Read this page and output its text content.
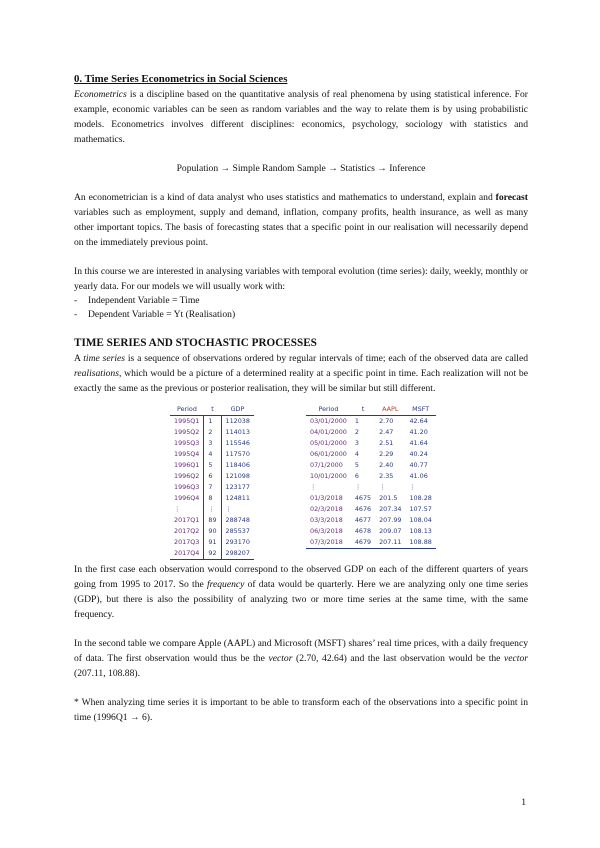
0. Time Series Econometrics in Social Sciences

Econometrics is a discipline based on the quantitative analysis of real phenomena by using statistical inference. For example, economic variables can be seen as random variables and the way to relate them is by using probabilistic models. Econometrics involves different disciplines: economics, psychology, sociology with statistics and mathematics.

Population → Simple Random Sample → Statistics → Inference

An econometrician is a kind of data analyst who uses statistics and mathematics to understand, explain and forecast variables such as employment, supply and demand, inflation, company profits, health insurance, as well as many other important topics. The basis of forecasting states that a specific point in our realisation will necessarily depend on the immediately previous point.

In this course we are interested in analysing variables with temporal evolution (time series): daily, weekly, monthly or yearly data. For our models we will usually work with:

- Independent Variable = Time
- Dependent Variable = Yt (Realisation)
TIME SERIES AND STOCHASTIC PROCESSES

A time series is a sequence of observations ordered by regular intervals of time; each of the observed data are called realisations, which would be a picture of a determined reality at a specific point in time. Each realization will not be exactly the same as the previous or posterior realisation, they will be similar but still different.

Period	t	GDP
1995Q1	1	112038
1995Q2	2	114013
1995Q3	3	115546
1995Q4	4	117570
1996Q1	5	118406
1996Q2	6	121098
1996Q3	7	123177
1996Q4	8	124811
⋮	⋮	⋮
2017Q1	89	288748
2017Q2	90	285537
2017Q3	91	293170
2017Q4	92	298207
Period	t	AAPL	MSFT
03/01/2000	1	2.70	42.64
04/01/2000	2	2.47	41.20
05/01/2000	3	2.51	41.64
06/01/2000	4	2.29	40.24
07/1/2000	5	2.40	40.77
10/01/2000	6	2.35	41.06
⋮	⋮	⋮	⋮
01/3/2018	4675	201.5	108.28
02/3/2018	4676	207.34	107.57
03/3/2018	4677	207.99	108.04
06/3/2018	4678	209.07	108.13
07/3/2018	4679	207.11	108.88

In the first case each observation would correspond to the observed GDP on each of the different quarters of years going from 1995 to 2017. So the frequency of data would be quarterly. Here we are analyzing only one time series (GDP), but there is also the possibility of analyzing two or more time series at the same time, with the same frequency.

In the second table we compare Apple (AAPL) and Microsoft (MSFT) shares’ real time prices, with a daily frequency of data. The first observation would thus be the vector (2.70, 42.64) and the last observation would be the vector (207.11, 108.88).

* When analyzing time series it is important to be able to transform each of the observations into a specific point in time (1996Q1 → 6).

1
